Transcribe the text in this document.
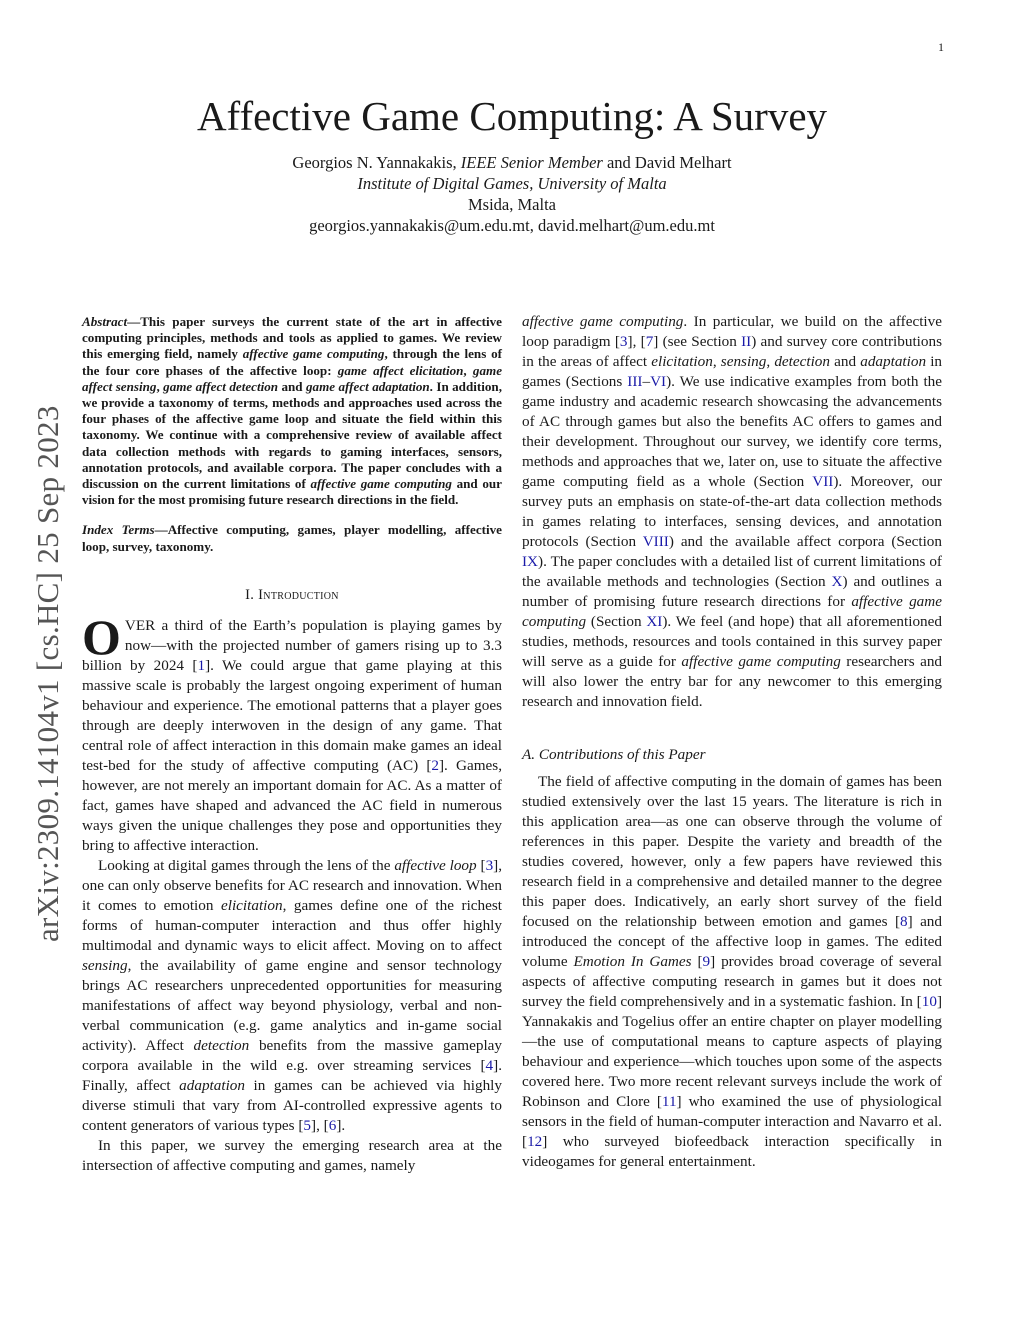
1
arXiv:2309.14104v1 [cs.HC] 25 Sep 2023
Affective Game Computing: A Survey
Georgios N. Yannakakis, IEEE Senior Member and David Melhart
Institute of Digital Games, University of Malta
Msida, Malta
georgios.yannakakis@um.edu.mt, david.melhart@um.edu.mt

Abstract—This paper surveys the current state of the art in affective computing principles, methods and tools as applied to games. We review this emerging field, namely affective game computing, through the lens of the four core phases of the affective loop: game affect elicitation, game affect sensing, game affect detection and game affect adaptation. In addition, we provide a taxonomy of terms, methods and approaches used across the four phases of the affective game loop and situate the field within this taxonomy. We continue with a comprehensive review of available affect data collection methods with regards to gaming interfaces, sensors, annotation protocols, and available corpora. The paper concludes with a discussion on the current limitations of affective game computing and our vision for the most promising future research directions in the field.

Index Terms—Affective computing, games, player modelling, affective loop, survey, taxonomy.

I. Introduction

OVER a third of the Earth’s population is playing games by now—with the projected number of gamers rising up to 3.3 billion by 2024 [1]. We could argue that game playing at this massive scale is probably the largest ongoing experiment of human behaviour and experience. The emotional patterns that a player goes through are deeply interwoven in the design of any game. That central role of affect interaction in this domain make games an ideal test-bed for the study of affective computing (AC) [2]. Games, however, are not merely an important domain for AC. As a matter of fact, games have shaped and advanced the AC field in numerous ways given the unique challenges they pose and opportunities they bring to affective interaction.

Looking at digital games through the lens of the affective loop [3], one can only observe benefits for AC research and innovation. When it comes to emotion elicitation, games define one of the richest forms of human-computer interaction and thus offer highly multimodal and dynamic ways to elicit affect. Moving on to affect sensing, the availability of game engine and sensor technology brings AC researchers unprecedented opportunities for measuring manifestations of affect way beyond physiology, verbal and non-verbal communication (e.g. game analytics and in-game social activity). Affect detection benefits from the massive gameplay corpora available in the wild e.g. over streaming services [4]. Finally, affect adaptation in games can be achieved via highly diverse stimuli that vary from AI-controlled expressive agents to content generators of various types [5], [6].

In this paper, we survey the emerging research area at the intersection of affective computing and games, namely

affective game computing. In particular, we build on the affective loop paradigm [3], [7] (see Section II) and survey core contributions in the areas of affect elicitation, sensing, detection and adaptation in games (Sections III–VI). We use indicative examples from both the game industry and academic research showcasing the advancements of AC through games but also the benefits AC offers to games and their development. Throughout our survey, we identify core terms, methods and approaches that we, later on, use to situate the affective game computing field as a whole (Section VII). Moreover, our survey puts an emphasis on state-of-the-art data collection methods in games relating to interfaces, sensing devices, and annotation protocols (Section VIII) and the available affect corpora (Section IX). The paper concludes with a detailed list of current limitations of the available methods and technologies (Section X) and outlines a number of promising future research directions for affective game computing (Section XI). We feel (and hope) that all aforementioned studies, methods, resources and tools contained in this survey paper will serve as a guide for affective game computing researchers and will also lower the entry bar for any newcomer to this emerging research and innovation field.

A. Contributions of this Paper

The field of affective computing in the domain of games has been studied extensively over the last 15 years. The literature is rich in this application area—as one can observe through the volume of references in this paper. Despite the variety and breadth of the studies covered, however, only a few papers have reviewed this research field in a comprehensive and detailed manner to the degree this paper does. Indicatively, an early short survey of the field focused on the relationship between emotion and games [8] and introduced the concept of the affective loop in games. The edited volume Emotion In Games [9] provides broad coverage of several aspects of affective computing research in games but it does not survey the field comprehensively and in a systematic fashion. In [10] Yannakakis and Togelius offer an entire chapter on player modelling—the use of computational means to capture aspects of playing behaviour and experience—which touches upon some of the aspects covered here. Two more recent relevant surveys include the work of Robinson and Clore [11] who examined the use of physiological sensors in the field of human-computer interaction and Navarro et al. [12] who surveyed biofeedback interaction specifically in videogames for general entertainment.
